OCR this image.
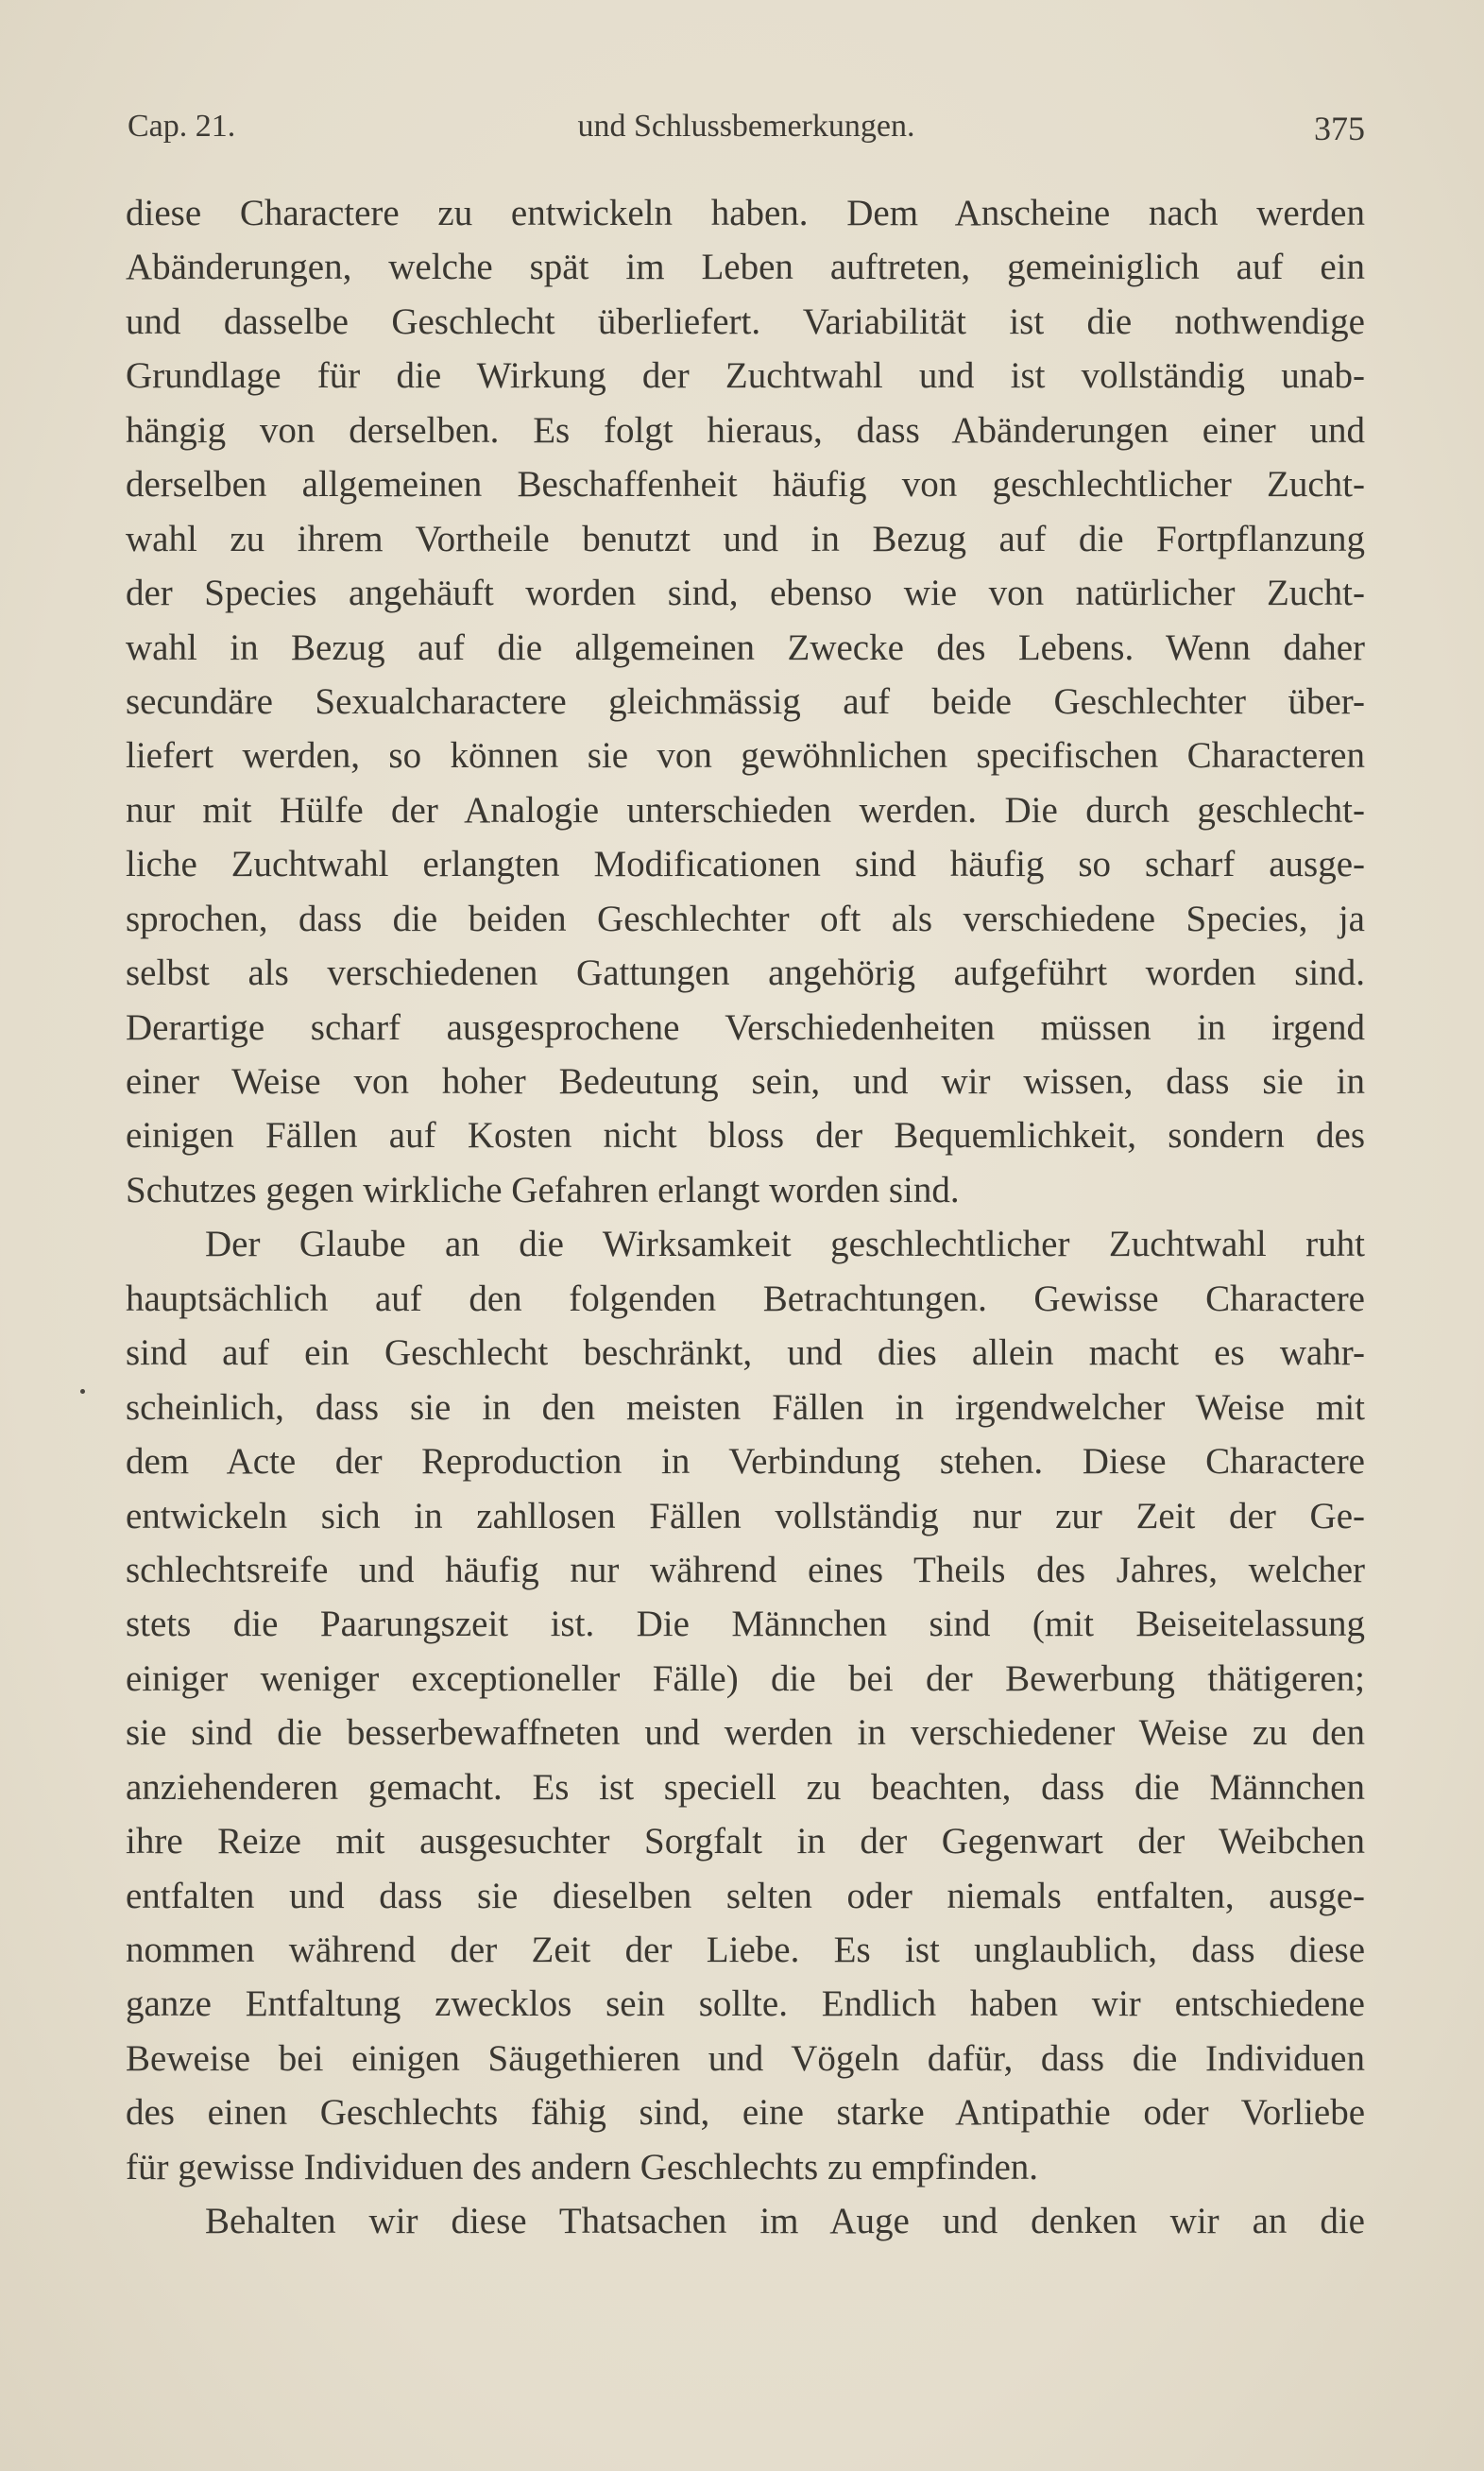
Cap. 21.	und Schlussbemerkungen.	375
diese Charactere zu entwickeln haben. Dem Anscheine nach werden
Abänderungen, welche spät im Leben auftreten, gemeiniglich auf ein
und dasselbe Geschlecht überliefert. Variabilität ist die nothwendige
Grundlage für die Wirkung der Zuchtwahl und ist vollständig unab-
hängig von derselben. Es folgt hieraus, dass Abänderungen einer und
derselben allgemeinen Beschaffenheit häufig von geschlechtlicher Zucht-
wahl zu ihrem Vortheile benutzt und in Bezug auf die Fortpflanzung
der Species angehäuft worden sind, ebenso wie von natürlicher Zucht-
wahl in Bezug auf die allgemeinen Zwecke des Lebens. Wenn daher
secundäre Sexualcharactere gleichmässig auf beide Geschlechter über-
liefert werden, so können sie von gewöhnlichen specifischen Characteren
nur mit Hülfe der Analogie unterschieden werden. Die durch geschlecht-
liche Zuchtwahl erlangten Modificationen sind häufig so scharf ausge-
sprochen, dass die beiden Geschlechter oft als verschiedene Species, ja
selbst als verschiedenen Gattungen angehörig aufgeführt worden sind.
Derartige scharf ausgesprochene Verschiedenheiten müssen in irgend
einer Weise von hoher Bedeutung sein, und wir wissen, dass sie in
einigen Fällen auf Kosten nicht bloss der Bequemlichkeit, sondern des
Schutzes gegen wirkliche Gefahren erlangt worden sind.
Der Glaube an die Wirksamkeit geschlechtlicher Zuchtwahl ruht
hauptsächlich auf den folgenden Betrachtungen. Gewisse Charactere
sind auf ein Geschlecht beschränkt, und dies allein macht es wahr-
scheinlich, dass sie in den meisten Fällen in irgendwelcher Weise mit
dem Acte der Reproduction in Verbindung stehen. Diese Charactere
entwickeln sich in zahllosen Fällen vollständig nur zur Zeit der Ge-
schlechtsreife und häufig nur während eines Theils des Jahres, welcher
stets die Paarungszeit ist. Die Männchen sind (mit Beiseitelassung
einiger weniger exceptioneller Fälle) die bei der Bewerbung thätigeren;
sie sind die besserbewaffneten und werden in verschiedener Weise zu den
anziehenderen gemacht. Es ist speciell zu beachten, dass die Männchen
ihre Reize mit ausgesuchter Sorgfalt in der Gegenwart der Weibchen
entfalten und dass sie dieselben selten oder niemals entfalten, ausge-
nommen während der Zeit der Liebe. Es ist unglaublich, dass diese
ganze Entfaltung zwecklos sein sollte. Endlich haben wir entschiedene
Beweise bei einigen Säugethieren und Vögeln dafür, dass die Individuen
des einen Geschlechts fähig sind, eine starke Antipathie oder Vorliebe
für gewisse Individuen des andern Geschlechts zu empfinden.
Behalten wir diese Thatsachen im Auge und denken wir an die
